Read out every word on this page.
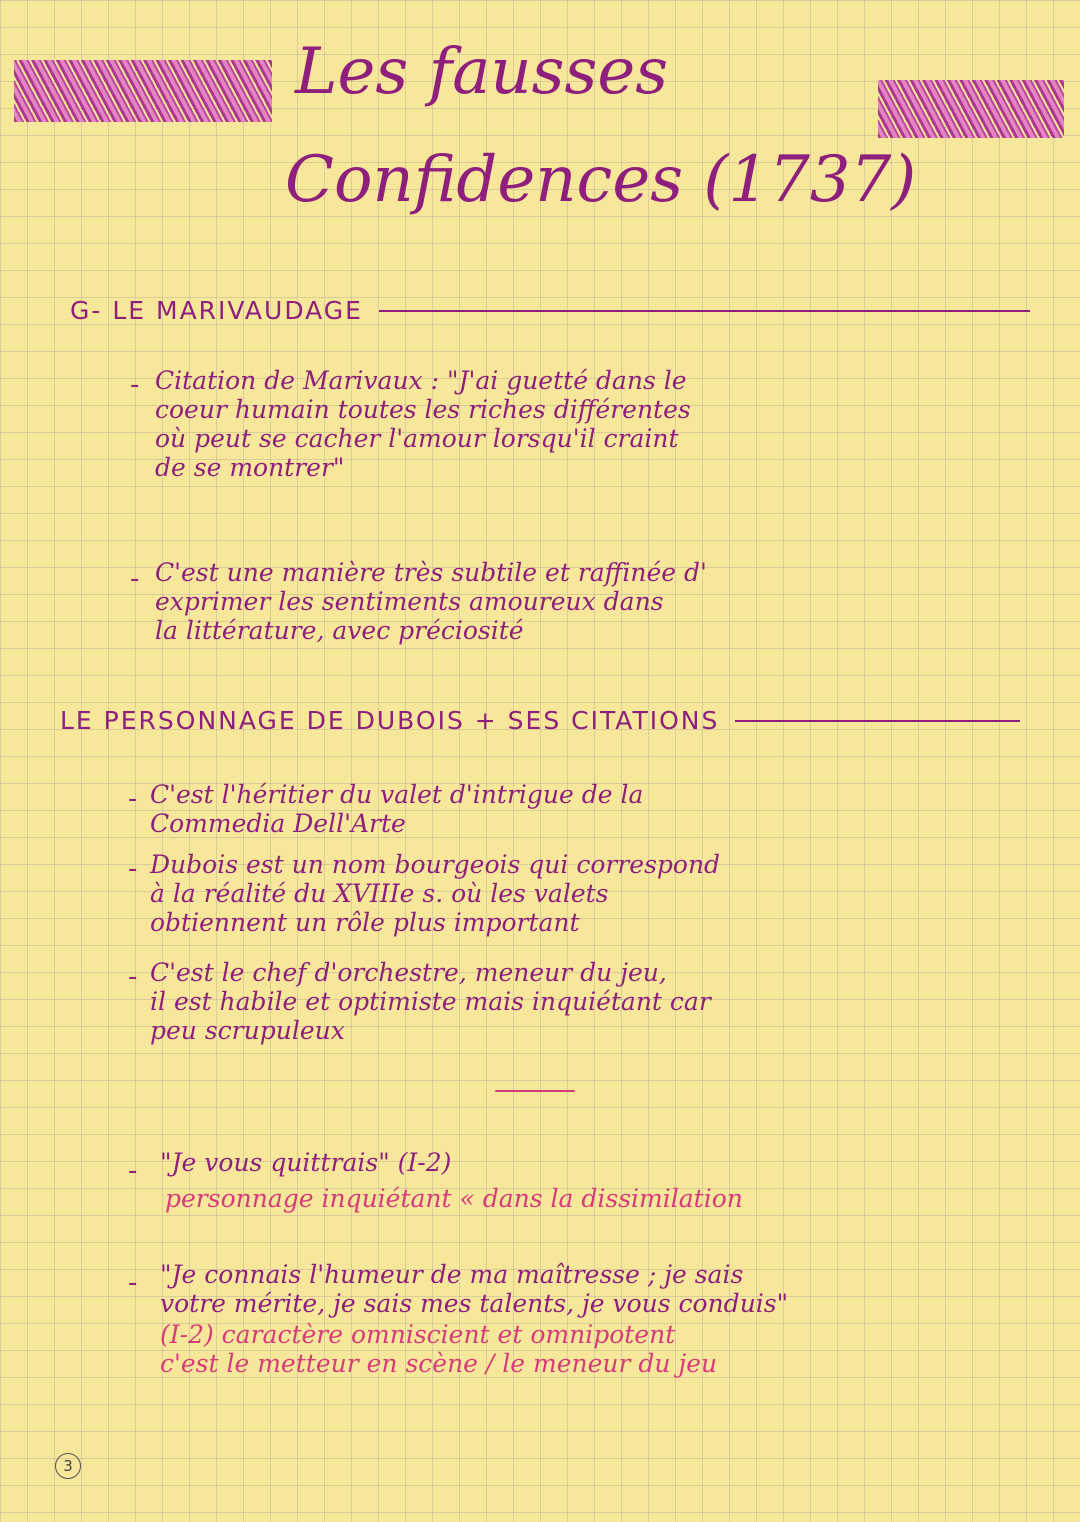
Les fausses
Confidences (1737)
G- LE MARIVAUDAGE
- Citation de Marivaux : "J'ai guetté dans le
coeur humain toutes les riches différentes
où peut se cacher l'amour lorsqu'il craint
de se montrer"
- C'est une manière très subtile et raffinée d'
exprimer les sentiments amoureux dans
la littérature, avec préciosité
LE PERSONNAGE DE DUBOIS + SES CITATIONS
- C'est l'héritier du valet d'intrigue de la
Commedia Dell'Arte
- Dubois est un nom bourgeois qui correspond
à la réalité du XVIIIe s. où les valets
obtiennent un rôle plus important
- C'est le chef d'orchestre, meneur du jeu,
il est habile et optimiste mais inquiétant car
peu scrupuleux
- "Je vous quittrais" (I-2)
personnage inquiétant « dans la dissimilation
- "Je connais l'humeur de ma maîtresse ; je sais
votre mérite, je sais mes talents, je vous conduis"
(I-2) caractère omniscient et omnipotent
c'est le metteur en scène / le meneur du jeu
3
